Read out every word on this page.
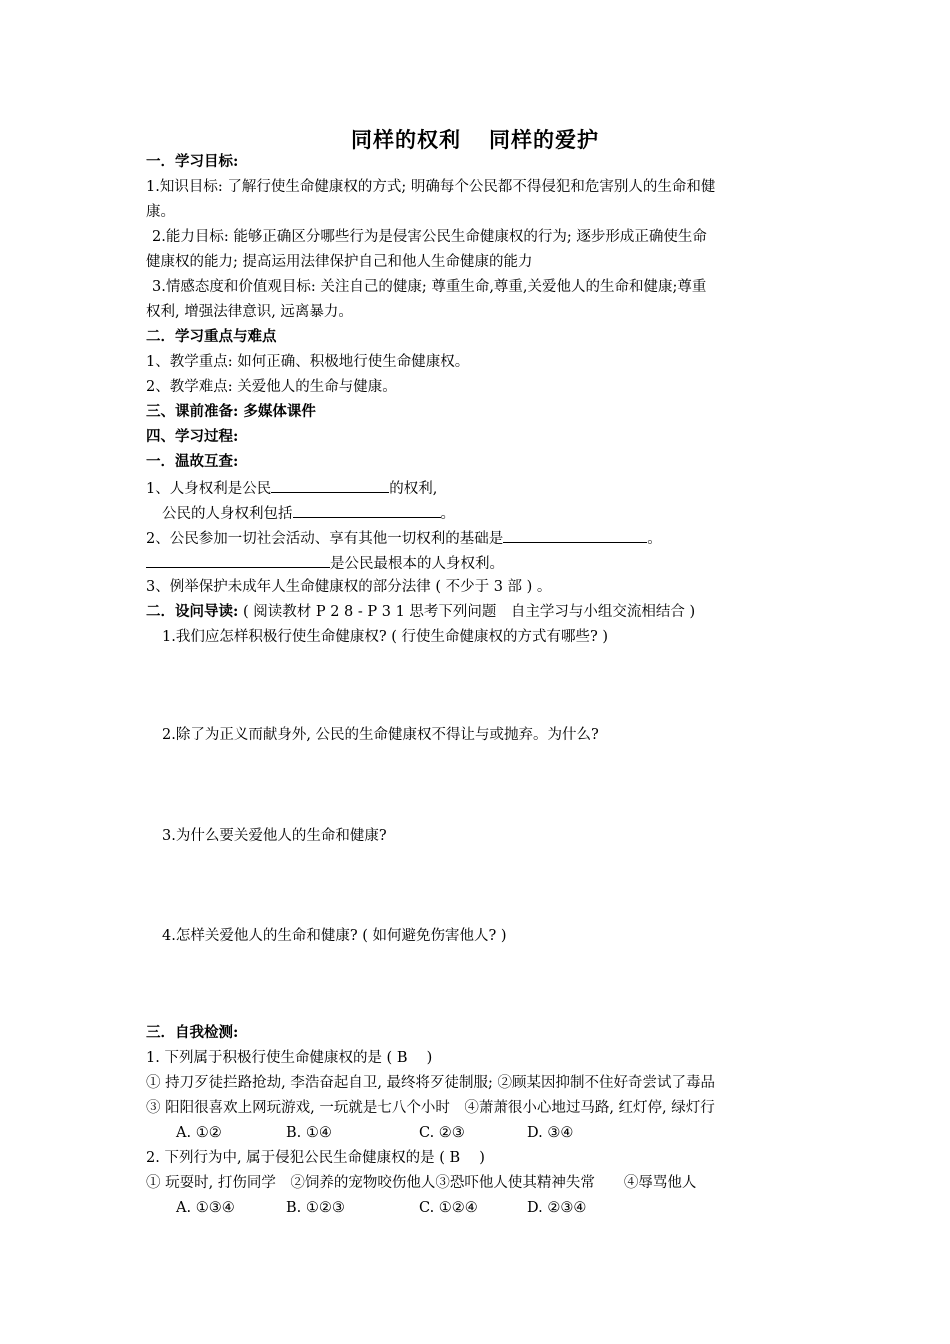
同样的权利 同样的爱护
一．学习目标:
1.知识目标: 了解行使生命健康权的方式; 明确每个公民都不得侵犯和危害别人的生命和健
康。
2.能力目标: 能够正确区分哪些行为是侵害公民生命健康权的行为; 逐步形成正确使生命
健康权的能力; 提高运用法律保护自己和他人生命健康的能力
3.情感态度和价值观目标: 关注自己的健康; 尊重生命,尊重,关爱他人的生命和健康;尊重
权利, 增强法律意识, 远离暴力。
二．学习重点与难点
1、教学重点: 如何正确、积极地行使生命健康权。
2、教学难点: 关爱他人的生命与健康。
三、课前准备: 多媒体课件
四、学习过程:
一．温故互查:
1、人身权利是公民	的权利,
公民的人身权利包括	。
2、公民参加一切社会活动、享有其他一切权利的基础是	。
是公民最根本的人身权利。
3、例举保护未成年人生命健康权的部分法律 ( 不少于 3 部 ) 。
二．设问导读: ( 阅读教材 P 2 8 - P 3 1 思考下列问题　自主学习与小组交流相结合 )
1.我们应怎样积极行使生命健康权? ( 行使生命健康权的方式有哪些? )
2.除了为正义而献身外, 公民的生命健康权不得让与或抛弃。为什么?
3.为什么要关爱他人的生命和健康?
4.怎样关爱他人的生命和健康? ( 如何避免伤害他人? )
三．自我检测:
1. 下列属于积极行使生命健康权的是 ( B　 )
① 持刀歹徒拦路抢劫, 李浩奋起自卫, 最终将歹徒制服; ②顾某因抑制不住好奇尝试了毒品
③ 阳阳很喜欢上网玩游戏, 一玩就是七八个小时　④萧萧很小心地过马路, 红灯停, 绿灯行
A. ①②	B. ①④	C. ②③	D. ③④
2. 下列行为中, 属于侵犯公民生命健康权的是 ( B　 )
① 玩耍时, 打伤同学　②饲养的宠物咬伤他人③恐吓他人使其精神失常　　④辱骂他人
A. ①③④	B. ①②③	C. ①②④	D. ②③④
